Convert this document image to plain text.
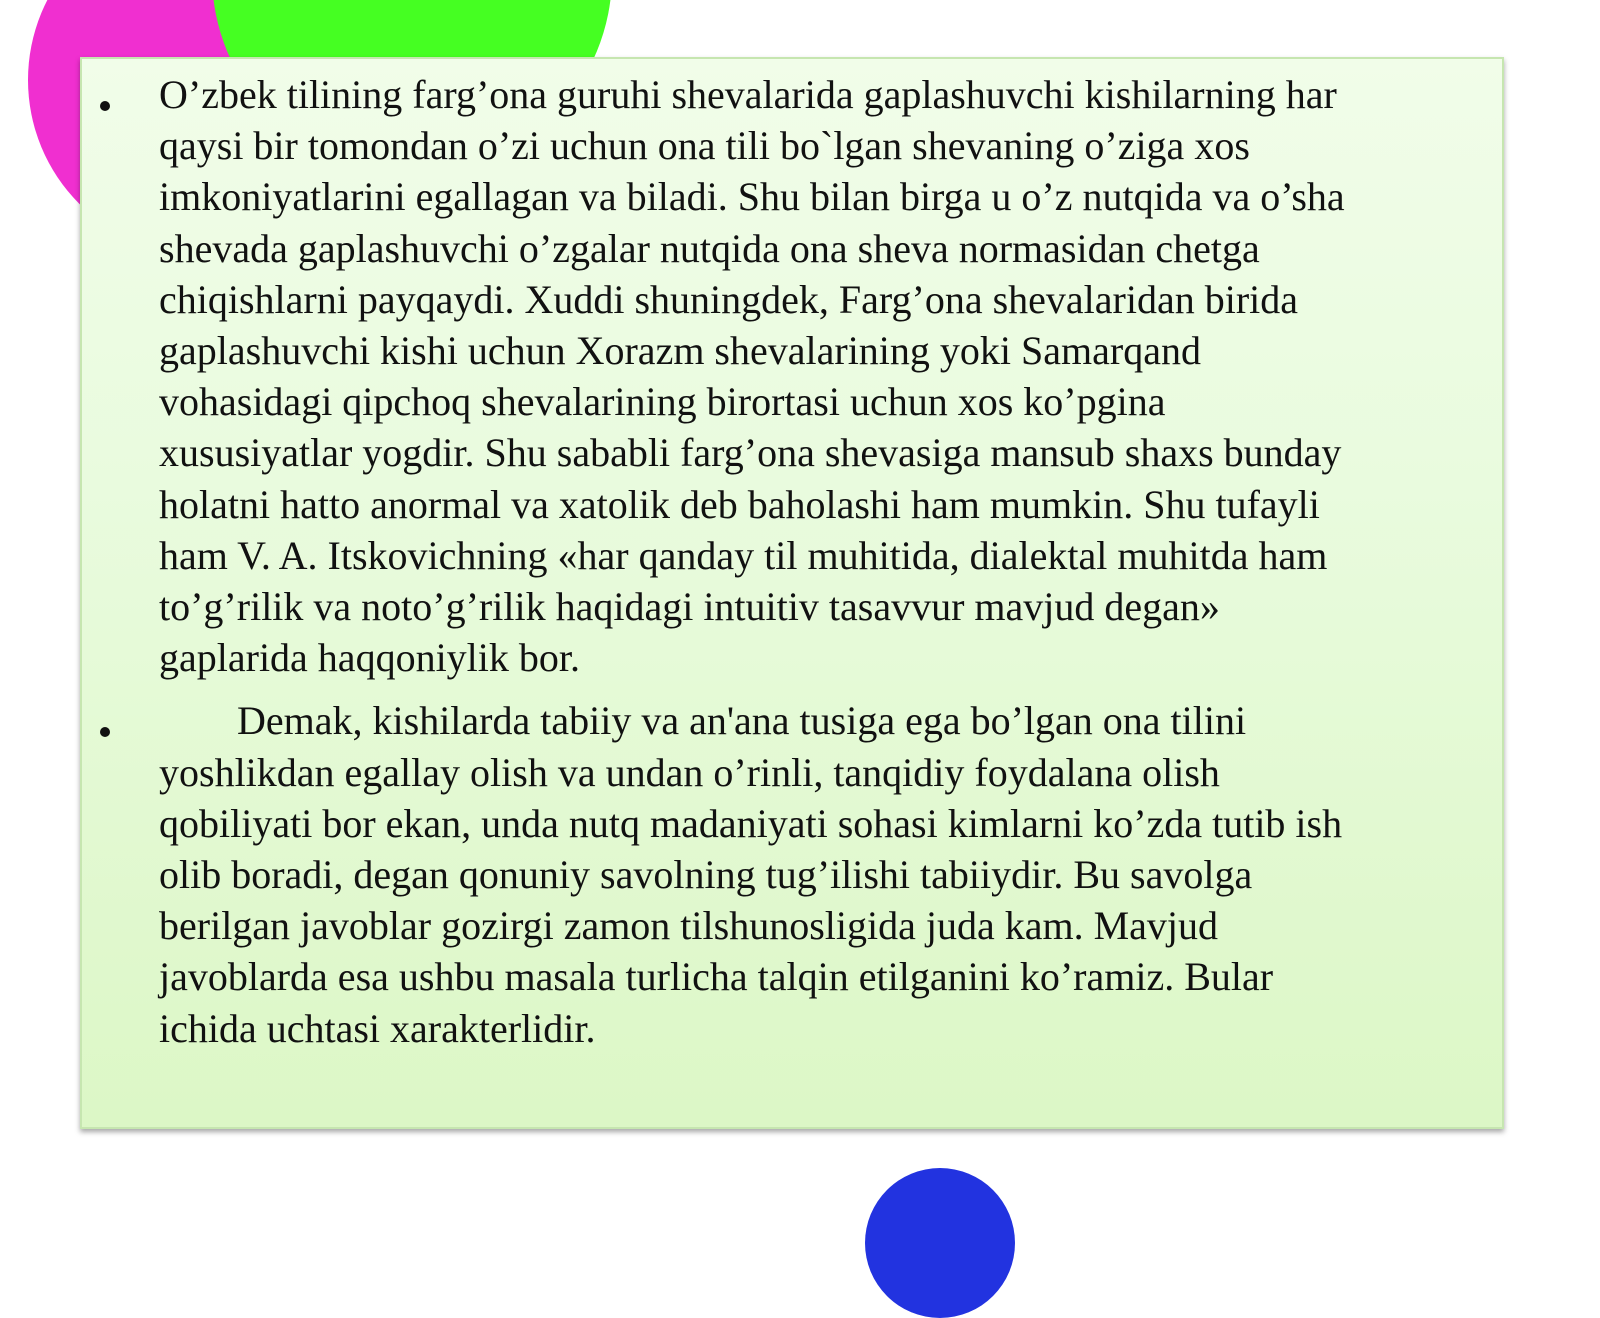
O’zbek tilining farg’ona guruhi shevalarida gaplashuvchi kishilarning har
qaysi bir tomondan o’zi uchun ona tili bo`lgan shevaning o’ziga xos
imkoniyatlarini egallagan va biladi. Shu bilan birga u o’z nutqida va o’sha
shevada gaplashuvchi o’zgalar nutqida ona sheva normasidan chetga
chiqishlarni payqaydi. Xuddi shuningdek, Farg’ona shevalaridan birida
gaplashuvchi kishi uchun Xorazm shevalarining yoki Samarqand
vohasidagi qipchoq shevalarining birortasi uchun xos ko’pgina
xususiyatlar yogdir. Shu sababli farg’ona shevasiga mansub shaxs bunday
holatni hatto anormal va xatolik deb baholashi ham mumkin. Shu tufayli
ham V. A. Itskovichning «har qanday til muhitida, dialektal muhitda ham
to’g’rilik va noto’g’rilik haqidagi intuitiv tasavvur mavjud degan»
gaplarida haqqoniylik bor.
Demak, kishilarda tabiiy va an'ana tusiga ega bo’lgan ona tilini
yoshlikdan egallay olish va undan o’rinli, tanqidiy foydalana olish
qobiliyati bor ekan, unda nutq madaniyati sohasi kimlarni ko’zda tutib ish
olib boradi, degan qonuniy savolning tug’ilishi tabiiydir. Bu savolga
berilgan javoblar gozirgi zamon tilshunosligida juda kam. Mavjud
javoblarda esa ushbu masala turlicha talqin etilganini ko’ramiz. Bular
ichida uchtasi xarakterlidir.
